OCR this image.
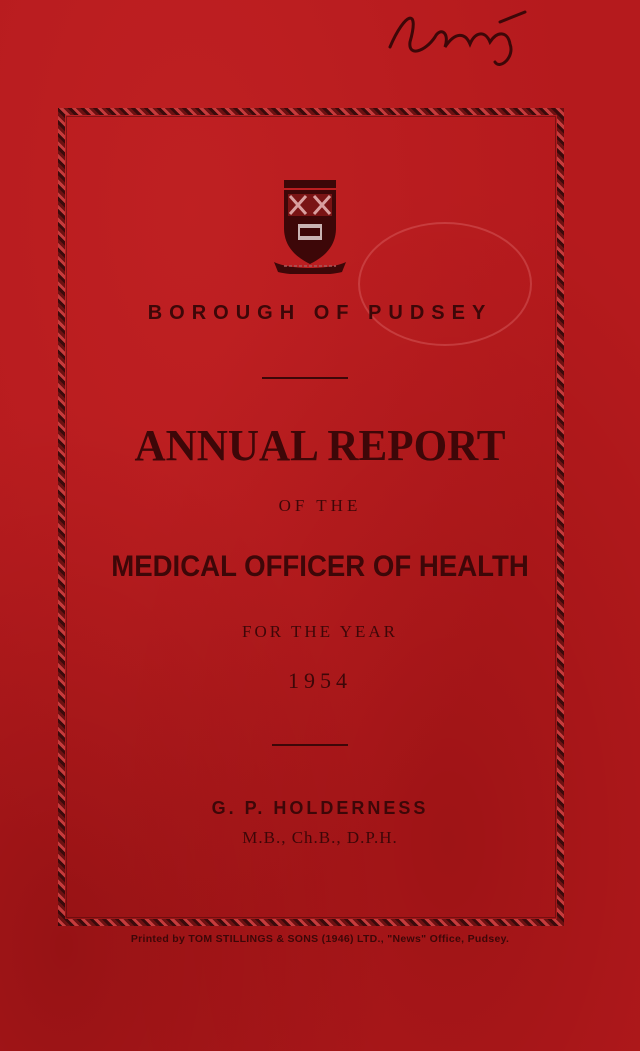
BOROUGH OF PUDSEY
ANNUAL REPORT
OF THE
MEDICAL OFFICER OF HEALTH
FOR THE YEAR
1954
G. P. HOLDERNESS
M.B., Ch.B., D.P.H.
Printed by TOM STILLINGS & SONS (1946) LTD., "News" Office, Pudsey.
